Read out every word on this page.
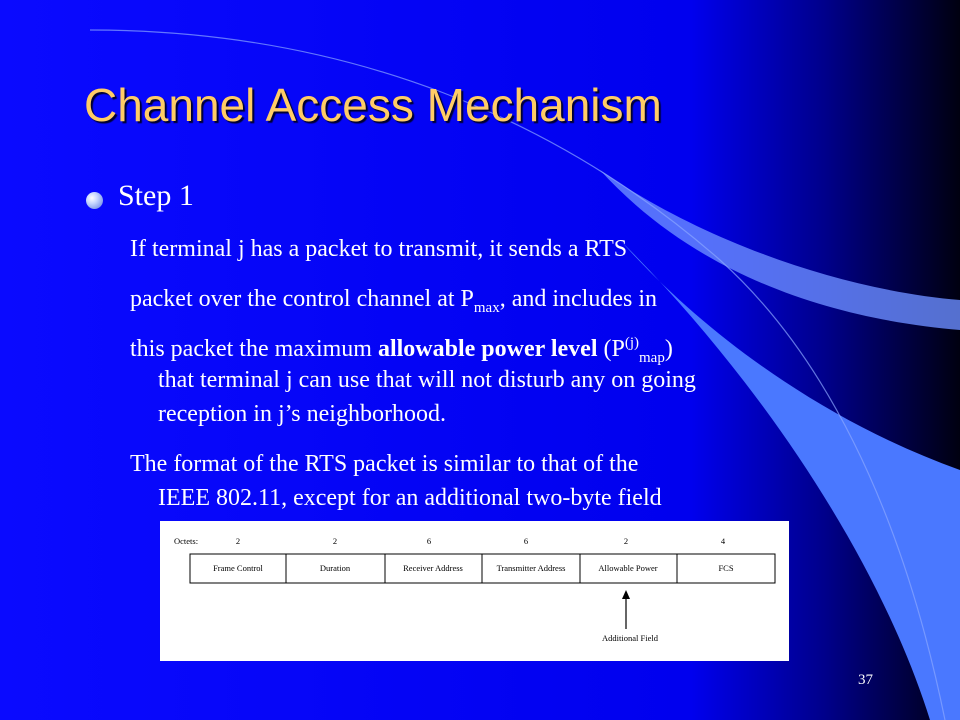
Channel Access Mechanism
Step 1
If terminal j has a packet to transmit, it sends a RTS
packet over the control channel at $P_{max}$, and includes in
this packet the maximum allowable power level $(P^{(j)}_{map})$
that terminal j can use that will not disturb any on going
reception in j’s neighborhood.
The format of the RTS packet is similar to that of the
IEEE 802.11, except for an additional two-byte field
Octets:	2	2	6	6	2	4
Frame Control	Duration	Receiver Address	Transmitter Address	Allowable Power	FCS
Additional Field
37
